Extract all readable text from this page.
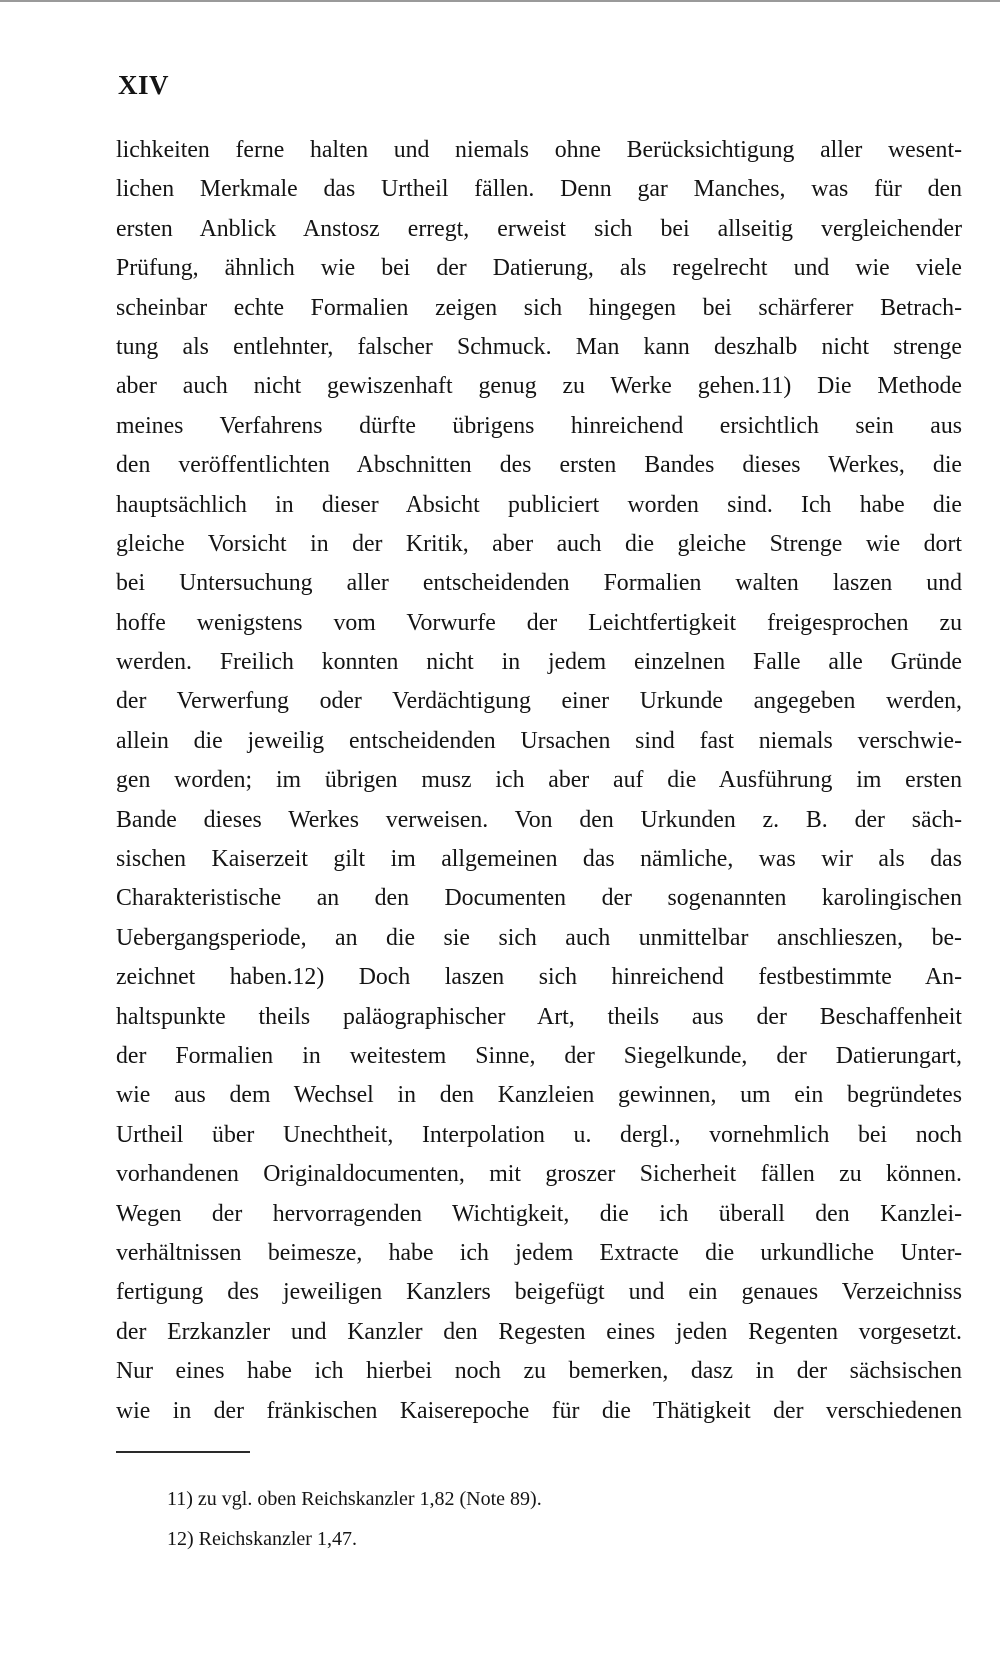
XIV
lichkeiten ferne halten und niemals ohne Berücksichtigung aller wesent-
lichen Merkmale das Urtheil fällen. Denn gar Manches, was für den
ersten Anblick Anstosz erregt, erweist sich bei allseitig vergleichender
Prüfung, ähnlich wie bei der Datierung, als regelrecht und wie viele
scheinbar echte Formalien zeigen sich hingegen bei schärferer Betrach-
tung als entlehnter, falscher Schmuck. Man kann deszhalb nicht strenge
aber auch nicht gewiszenhaft genug zu Werke gehen.11) Die Methode
meines Verfahrens dürfte übrigens hinreichend ersichtlich sein aus
den veröffentlichten Abschnitten des ersten Bandes dieses Werkes, die
hauptsächlich in dieser Absicht publiciert worden sind. Ich habe die
gleiche Vorsicht in der Kritik, aber auch die gleiche Strenge wie dort
bei Untersuchung aller entscheidenden Formalien walten laszen und
hoffe wenigstens vom Vorwurfe der Leichtfertigkeit freigesprochen zu
werden. Freilich konnten nicht in jedem einzelnen Falle alle Gründe
der Verwerfung oder Verdächtigung einer Urkunde angegeben werden,
allein die jeweilig entscheidenden Ursachen sind fast niemals verschwie-
gen worden; im übrigen musz ich aber auf die Ausführung im ersten
Bande dieses Werkes verweisen. Von den Urkunden z. B. der säch-
sischen Kaiserzeit gilt im allgemeinen das nämliche, was wir als das
Charakteristische an den Documenten der sogenannten karolingischen
Uebergangsperiode, an die sie sich auch unmittelbar anschlieszen, be-
zeichnet haben.12) Doch laszen sich hinreichend festbestimmte An-
haltspunkte theils paläographischer Art, theils aus der Beschaffenheit
der Formalien in weitestem Sinne, der Siegelkunde, der Datierungart,
wie aus dem Wechsel in den Kanzleien gewinnen, um ein begründetes
Urtheil über Unechtheit, Interpolation u. dergl., vornehmlich bei noch
vorhandenen Originaldocumenten, mit groszer Sicherheit fällen zu können.
Wegen der hervorragenden Wichtigkeit, die ich überall den Kanzlei-
verhältnissen beimesze, habe ich jedem Extracte die urkundliche Unter-
fertigung des jeweiligen Kanzlers beigefügt und ein genaues Verzeichniss
der Erzkanzler und Kanzler den Regesten eines jeden Regenten vorgesetzt.
Nur eines habe ich hierbei noch zu bemerken, dasz in der sächsischen
wie in der fränkischen Kaiserepoche für die Thätigkeit der verschiedenen
11) zu vgl. oben Reichskanzler 1,82 (Note 89).
12) Reichskanzler 1,47.
